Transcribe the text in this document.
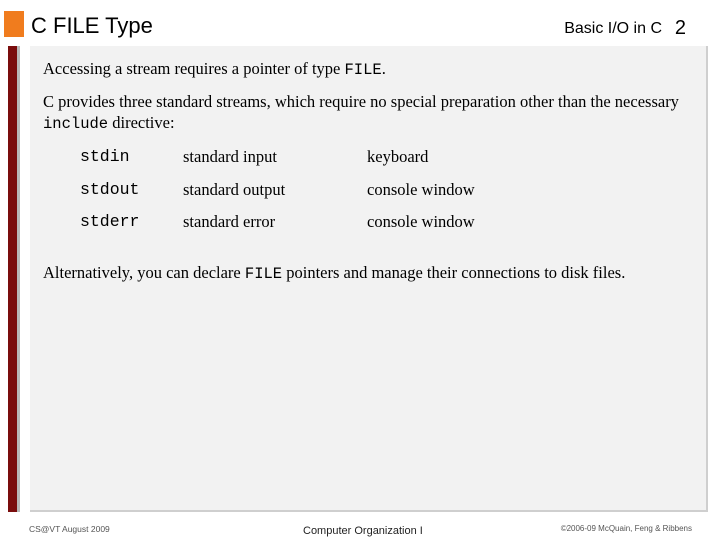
C FILE Type	Basic I/O in C 2
Accessing a stream requires a pointer of type FILE.
C provides three standard streams, which require no special preparation other than the necessary include directive:
stdin	standard input	keyboard
stdout	standard output	console window
stderr	standard error	console window
Alternatively, you can declare FILE pointers and manage their connections to disk files.
CS@VT August 2009	Computer Organization I	©2006-09 McQuain, Feng & Ribbens
